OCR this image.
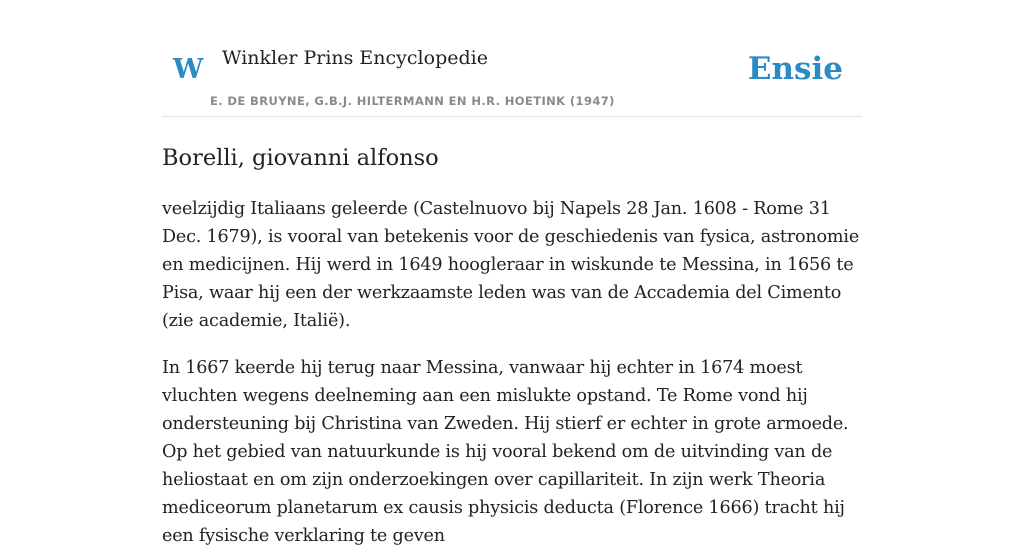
W Winkler Prins Encyclopedie
E. DE BRUYNE, G.B.J. HILTERMANN EN H.R. HOETINK (1947)
Ensie
Borelli, giovanni alfonso

veelzijdig Italiaans geleerde (Castelnuovo bij Napels 28 Jan. 1608 - Rome 31 Dec. 1679), is vooral van betekenis voor de geschiedenis van fysica, astronomie en medicijnen. Hij werd in 1649 hoogleraar in wiskunde te Messina, in 1656 te Pisa, waar hij een der werkzaamste leden was van de Accademia del Cimento (zie academie, Italië).

In 1667 keerde hij terug naar Messina, vanwaar hij echter in 1674 moest vluchten wegens deelneming aan een mislukte opstand. Te Rome vond hij ondersteuning bij Christina van Zweden. Hij stierf er echter in grote armoede. Op het gebied van natuurkunde is hij vooral bekend om de uitvinding van de heliostaat en om zijn onderzoekingen over capillariteit. In zijn werk Theoria mediceorum planetarum ex causis physicis deducta (Florence 1666) tracht hij een fysische verklaring te geven
